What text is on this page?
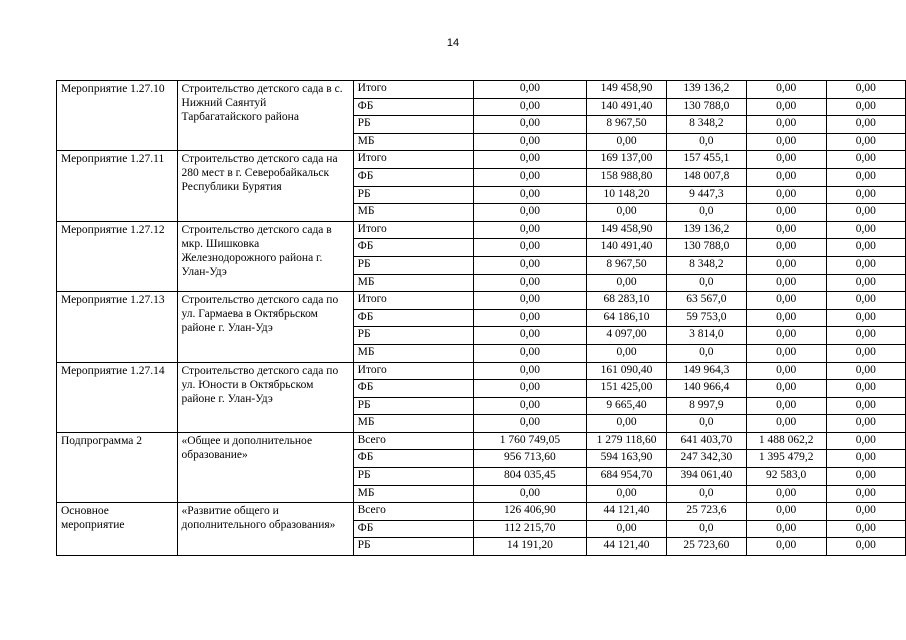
14
Мероприятие 1.27.10	Строительство детского сада в с. Нижний Саянтуй Тарбагатайского района	Итого	0,00	149 458,90	139 136,2	0,00	0,00
		ФБ	0,00	140 491,40	130 788,0	0,00	0,00
		РБ	0,00	8 967,50	8 348,2	0,00	0,00
		МБ	0,00	0,00	0,0	0,00	0,00
Мероприятие 1.27.11	Строительство детского сада на 280 мест в г. Северобайкальск Республики Бурятия	Итого	0,00	169 137,00	157 455,1	0,00	0,00
		ФБ	0,00	158 988,80	148 007,8	0,00	0,00
		РБ	0,00	10 148,20	9 447,3	0,00	0,00
		МБ	0,00	0,00	0,0	0,00	0,00
Мероприятие 1.27.12	Строительство детского сада в мкр. Шишковка Железнодорожного района г. Улан-Удэ	Итого	0,00	149 458,90	139 136,2	0,00	0,00
		ФБ	0,00	140 491,40	130 788,0	0,00	0,00
		РБ	0,00	8 967,50	8 348,2	0,00	0,00
		МБ	0,00	0,00	0,0	0,00	0,00
Мероприятие 1.27.13	Строительство детского сада по ул. Гармаева в Октябрьском районе г. Улан-Удэ	Итого	0,00	68 283,10	63 567,0	0,00	0,00
		ФБ	0,00	64 186,10	59 753,0	0,00	0,00
		РБ	0,00	4 097,00	3 814,0	0,00	0,00
		МБ	0,00	0,00	0,0	0,00	0,00
Мероприятие 1.27.14	Строительство детского сада по ул. Юности в Октябрьском районе г. Улан-Удэ	Итого	0,00	161 090,40	149 964,3	0,00	0,00
		ФБ	0,00	151 425,00	140 966,4	0,00	0,00
		РБ	0,00	9 665,40	8 997,9	0,00	0,00
		МБ	0,00	0,00	0,0	0,00	0,00
Подпрограмма 2	«Общее и дополнительное образование»	Всего	1 760 749,05	1 279 118,60	641 403,70	1 488 062,2	0,00
		ФБ	956 713,60	594 163,90	247 342,30	1 395 479,2	0,00
		РБ	804 035,45	684 954,70	394 061,40	92 583,0	0,00
		МБ	0,00	0,00	0,0	0,00	0,00
Основное мероприятие	«Развитие общего и дополнительного образования»	Всего	126 406,90	44 121,40	25 723,6	0,00	0,00
		ФБ	112 215,70	0,00	0,0	0,00	0,00
		РБ	14 191,20	44 121,40	25 723,60	0,00	0,00
